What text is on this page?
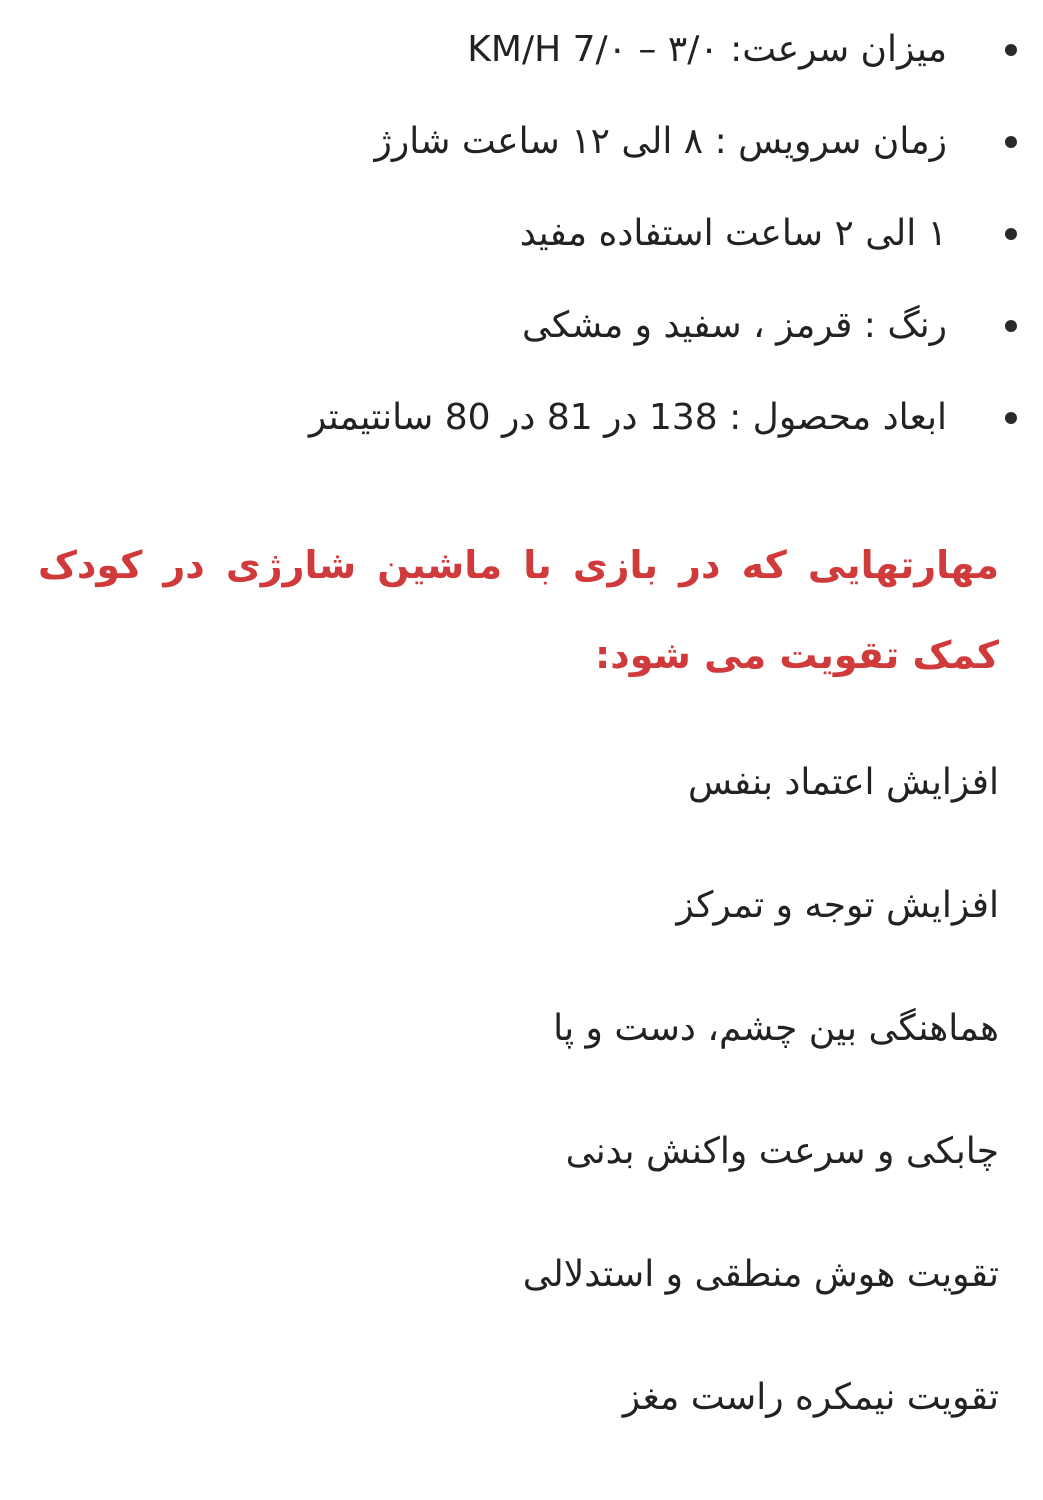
میزان سرعت: ۳/۰ – KM/H 7/۰
زمان سرویس : ۸ الی ۱۲ ساعت شارژ
۱ الی ۲ ساعت استفاده مفید
رنگ : قرمز ، سفید و مشکی
ابعاد محصول : 138 در 81 در 80 سانتیمتر
مهارتهایی که در بازی با ماشین شارژی در کودک کمک تقویت می شود:
افزایش اعتماد بنفس
افزایش توجه و تمرکز
هماهنگی بین چشم، دست و پا
چابکی و سرعت واکنش بدنی
تقویت هوش منطقی و استدلالی
تقویت نیمکره راست مغز
